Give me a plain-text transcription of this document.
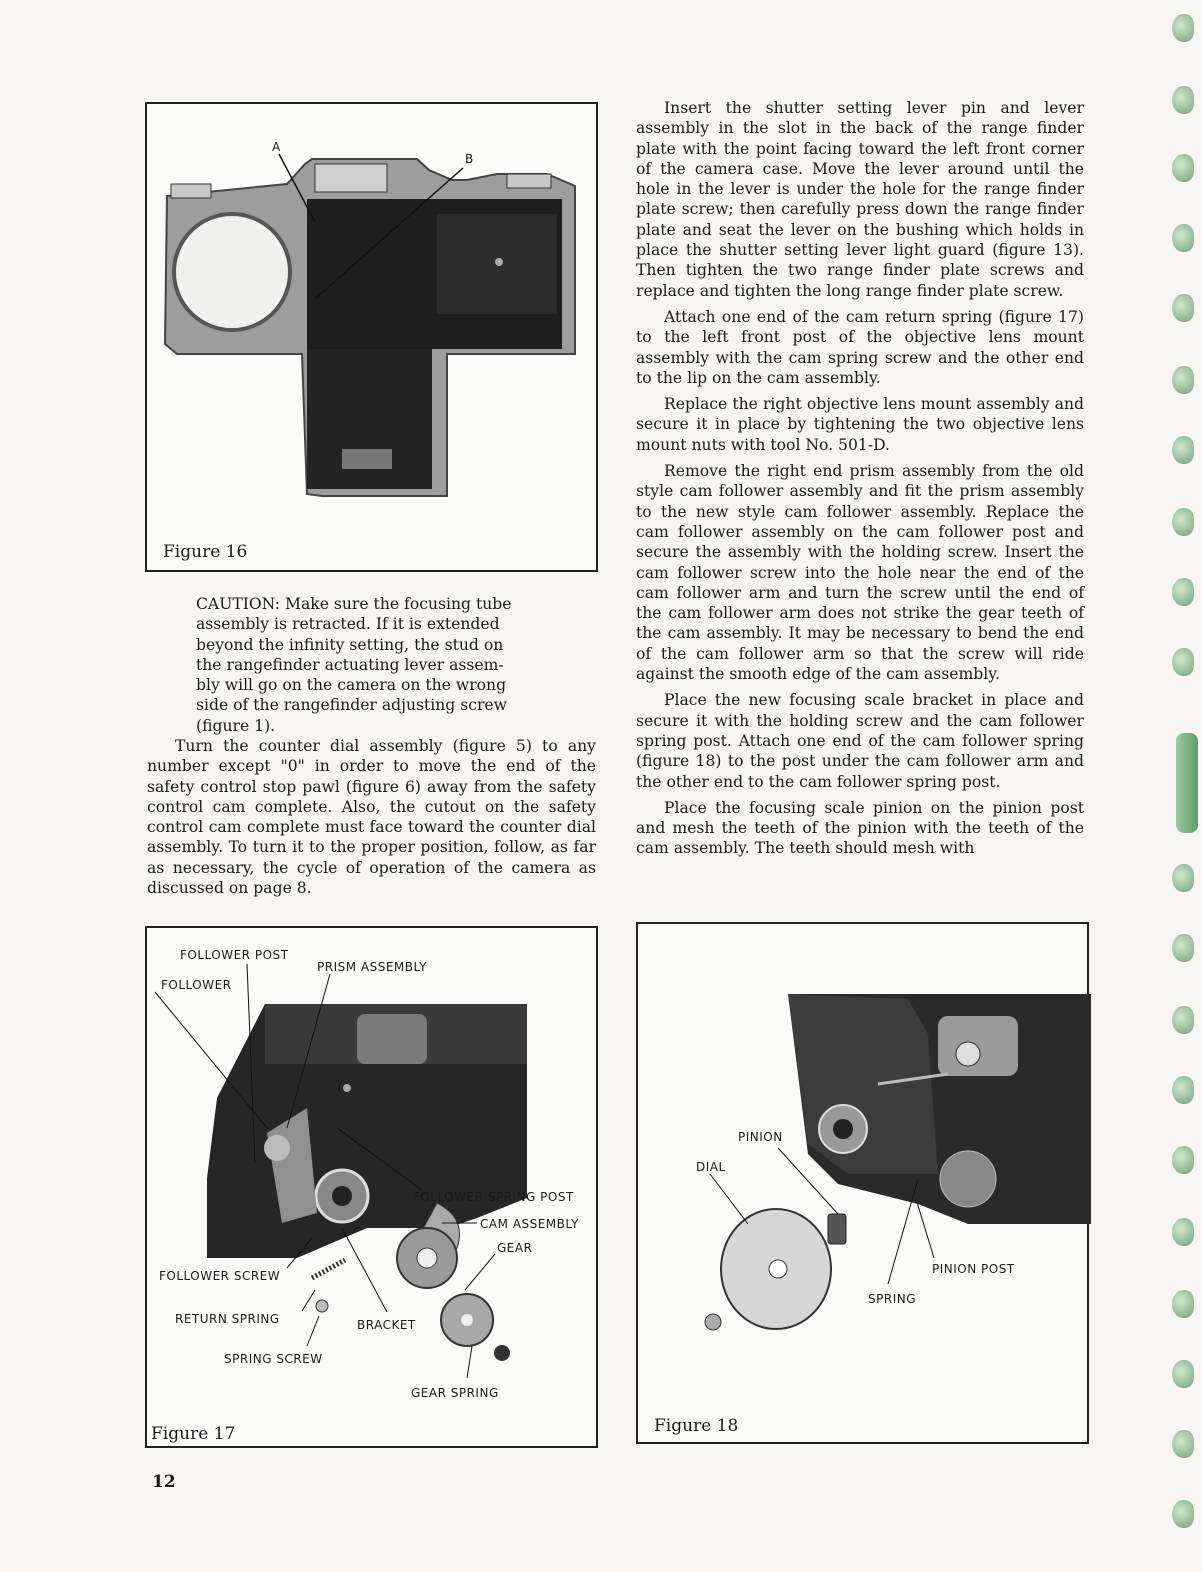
A
B
Figure 16
CAUTION: Make sure the focusing tube
assembly is retracted. If it is extended
beyond the infinity setting, the stud on
the rangefinder actuating lever assem-
bly will go on the camera on the wrong
side of the rangefinder adjusting screw
(figure 1).

Turn the counter dial assembly (figure 5) to any number except "0" in order to move the end of the safety control stop pawl (figure 6) away from the safety control cam complete. Also, the cutout on the safety control cam complete must face toward the counter dial assembly. To turn it to the proper position, follow, as far as necessary, the cycle of operation of the camera as discussed on page 8.

Insert the shutter setting lever pin and lever assembly in the slot in the back of the range finder plate with the point facing toward the left front corner of the camera case. Move the lever around until the hole in the lever is under the hole for the range finder plate screw; then carefully press down the range finder plate and seat the lever on the bushing which holds in place the shutter setting lever light guard (figure 13). Then tighten the two range finder plate screws and replace and tighten the long range finder plate screw.

Attach one end of the cam return spring (figure 17) to the left front post of the objective lens mount assembly with the cam spring screw and the other end to the lip on the cam assembly.

Replace the right objective lens mount assembly and secure it in place by tightening the two objective lens mount nuts with tool No. 501-D.

Remove the right end prism assembly from the old style cam follower assembly and fit the prism assembly to the new style cam follower assembly. Replace the cam follower assembly on the cam follower post and secure the assembly with the holding screw. Insert the cam follower screw into the hole near the end of the cam follower arm and turn the screw until the end of the cam follower arm does not strike the gear teeth of the cam assembly. It may be necessary to bend the end of the cam follower arm so that the screw will ride against the smooth edge of the cam assembly.

Place the new focusing scale bracket in place and secure it with the holding screw and the cam follower spring post. Attach one end of the cam follower spring (figure 18) to the post under the cam follower arm and the other end to the cam follower spring post.

Place the focusing scale pinion on the pinion post and mesh the teeth of the pinion with the teeth of the cam assembly. The teeth should mesh with

FOLLOWER POST
PRISM ASSEMBLY
FOLLOWER
FOLLOWER SPRING POST
CAM ASSEMBLY
GEAR
FOLLOWER SCREW
RETURN SPRING	BRACKET
SPRING SCREW
GEAR SPRING
Figure 17
PINION
DIAL
PINION POST
SPRING
Figure 18
12
